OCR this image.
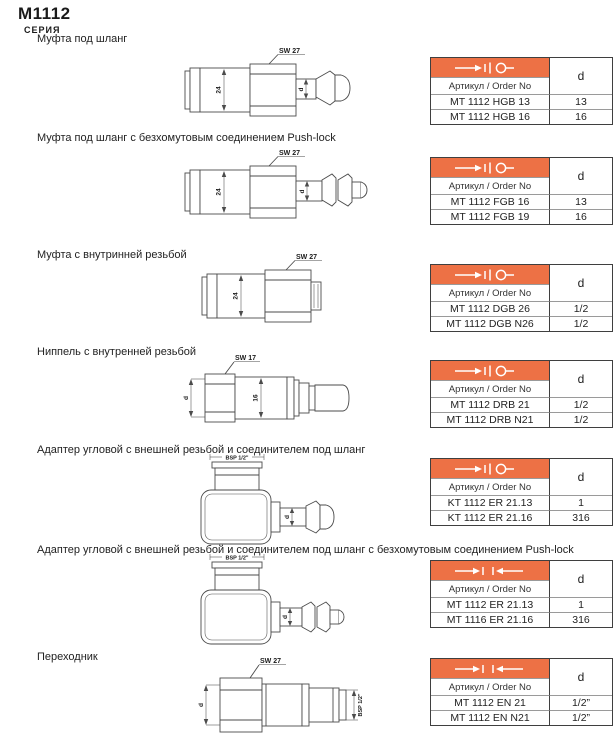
М1112
СЕРИЯ
Муфта под шланг
SW 27
24	d
d
Артикул / Order No
MT 1112 HGB 13	13
MT 1112 HGB 16	16
Муфта под шланг с безхомутовым соединением Push-lock
SW 27
24	d
d
Артикул / Order No
MT 1112 FGB 16	13
MT 1112 FGB 19	16
Муфта с внутринней резьбой	SW 27
24
d
Артикул / Order No
MT 1112 DGB 26	1/2
MT 1112 DGB N26	1/2
Ниппель с внутренней резьбой
SW 17
d	16
d
Артикул / Order No
MT 1112 DRB 21	1/2
MT 1112 DRB N21	1/2
Адаптер угловой с внешней резьбой и соединителем под шланг
BSP 1/2"
d
d
Артикул / Order No
KT 1112 ER 21.13	1
KT 1112 ER 21.16	316
Адаптер угловой с внешней резьбой и соединителем под шланг с безхомутовым соединением Push-lock
BSP 1/2"
d
d
Артикул / Order No
MT 1112 ER 21.13	1
MT 1116 ER 21.16	316
Переходник	SW 27
d	BSP 1/2"
d
Артикул / Order No
MT 1112 EN 21	1/2”
MT 1112 EN N21	1/2”
